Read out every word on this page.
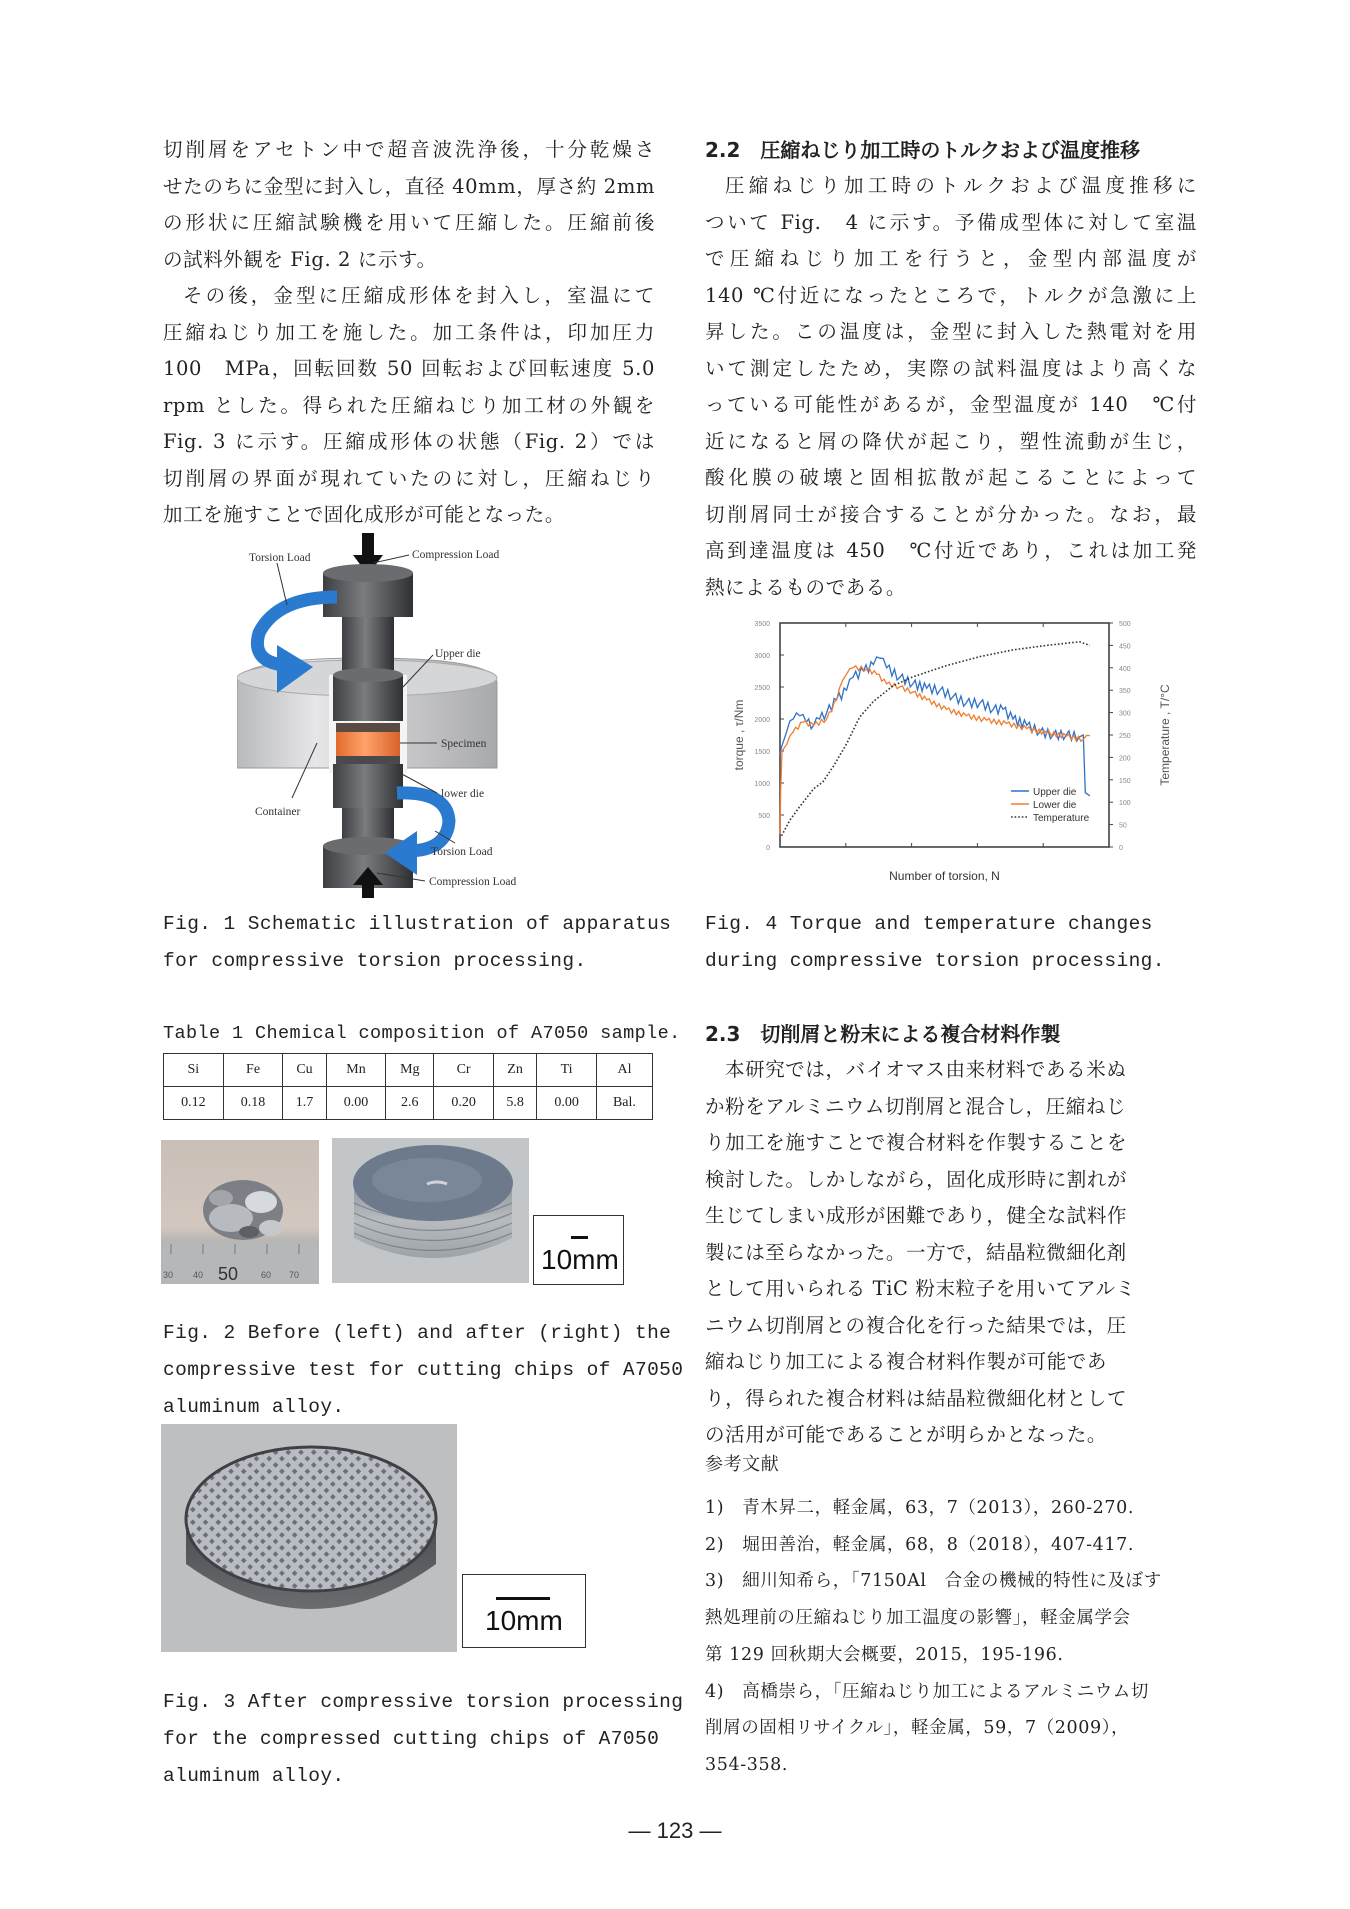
切削屑をアセトン中で超音波洗浄後，十分乾燥さ
せたのちに金型に封入し，直径 40mm，厚さ約 2mm
の形状に圧縮試験機を用いて圧縮した。圧縮前後
の試料外観を Fig. 2 に示す。
その後，金型に圧縮成形体を封入し，室温にて
圧縮ねじり加工を施した。加工条件は，印加圧力
100　MPa，回転回数 50 回転および回転速度 5.0
rpm とした。得られた圧縮ねじり加工材の外観を
Fig. 3 に示す。圧縮成形体の状態（Fig. 2）では
切削屑の界面が現れていたのに対し，圧縮ねじり
加工を施すことで固化成形が可能となった。
Compression Load
Torsion Load
Upper die
Specimen
lower die
Container
Torsion Load
Compression Load
Fig. 1 Schematic illustration of apparatus
for compressive torsion processing.
Table 1 Chemical composition of A7050 sample.
Si	Fe	Cu	Mn	Mg	Cr	Zn	Ti	Al
0.12	0.18	1.7	0.00	2.6	0.20	5.8	0.00	Bal.
30 40 50	60 70	10mm
Fig. 2 Before (left) and after (right) the
compressive test for cutting chips of A7050
aluminum alloy.
10mm
Fig. 3 After compressive torsion processing
for the compressed cutting chips of A7050
aluminum alloy.
2.2　圧縮ねじり加工時のトルクおよび温度推移
圧縮ねじり加工時のトルクおよび温度推移に
ついて Fig.　4 に示す。予備成型体に対して室温
で圧縮ねじり加工を行うと，金型内部温度が
140 ℃付近になったところで，トルクが急激に上
昇した。この温度は，金型に封入した熱電対を用
いて測定したため，実際の試料温度はより高くな
っている可能性があるが，金型温度が 140　℃付
近になると屑の降伏が起こり，塑性流動が生じ，
酸化膜の破壊と固相拡散が起こることによって
切削屑同士が接合することが分かった。なお，最
高到達温度は 450　℃付近であり，これは加工発
熱によるものである。
2.3　切削屑と粉末による複合材料作製
本研究では，バイオマス由来材料である米ぬ
か粉をアルミニウム切削屑と混合し，圧縮ねじ
り加工を施すことで複合材料を作製することを
検討した。しかしながら，固化成形時に割れが
生じてしまい成形が困難であり，健全な試料作
製には至らなかった。一方で，結晶粒微細化剤
として用いられる TiC 粉末粒子を用いてアルミ
ニウム切削屑との複合化を行った結果では，圧
縮ねじり加工による複合材料作製が可能であ
り，得られた複合材料は結晶粒微細化材として
の活用が可能であることが明らかとなった。
参考文献
1)　青木昇二，軽金属，63，7（2013），260-270.
2)　堀田善治，軽金属，68，8（2018），407-417.
3)　細川知希ら，「7150Al　合金の機械的特性に及ぼす
熱処理前の圧縮ねじり加工温度の影響」，軽金属学会
第 129 回秋期大会概要，2015，195-196.
4)　高橋崇ら，「圧縮ねじり加工によるアルミニウム切
削屑の固相リサイクル」，軽金属，59，7（2009），
354-358.
0
500
1000
1500
2000
2500
3000
3500
0
50
100
150
200
250
300
350
400
450
500
Number of torsion, N
torque , τ/Nm	Temperature , T/°C
Upper die
Lower die
Temperature
Fig. 4 Torque and temperature changes
during compressive torsion processing.
― 123 ―
